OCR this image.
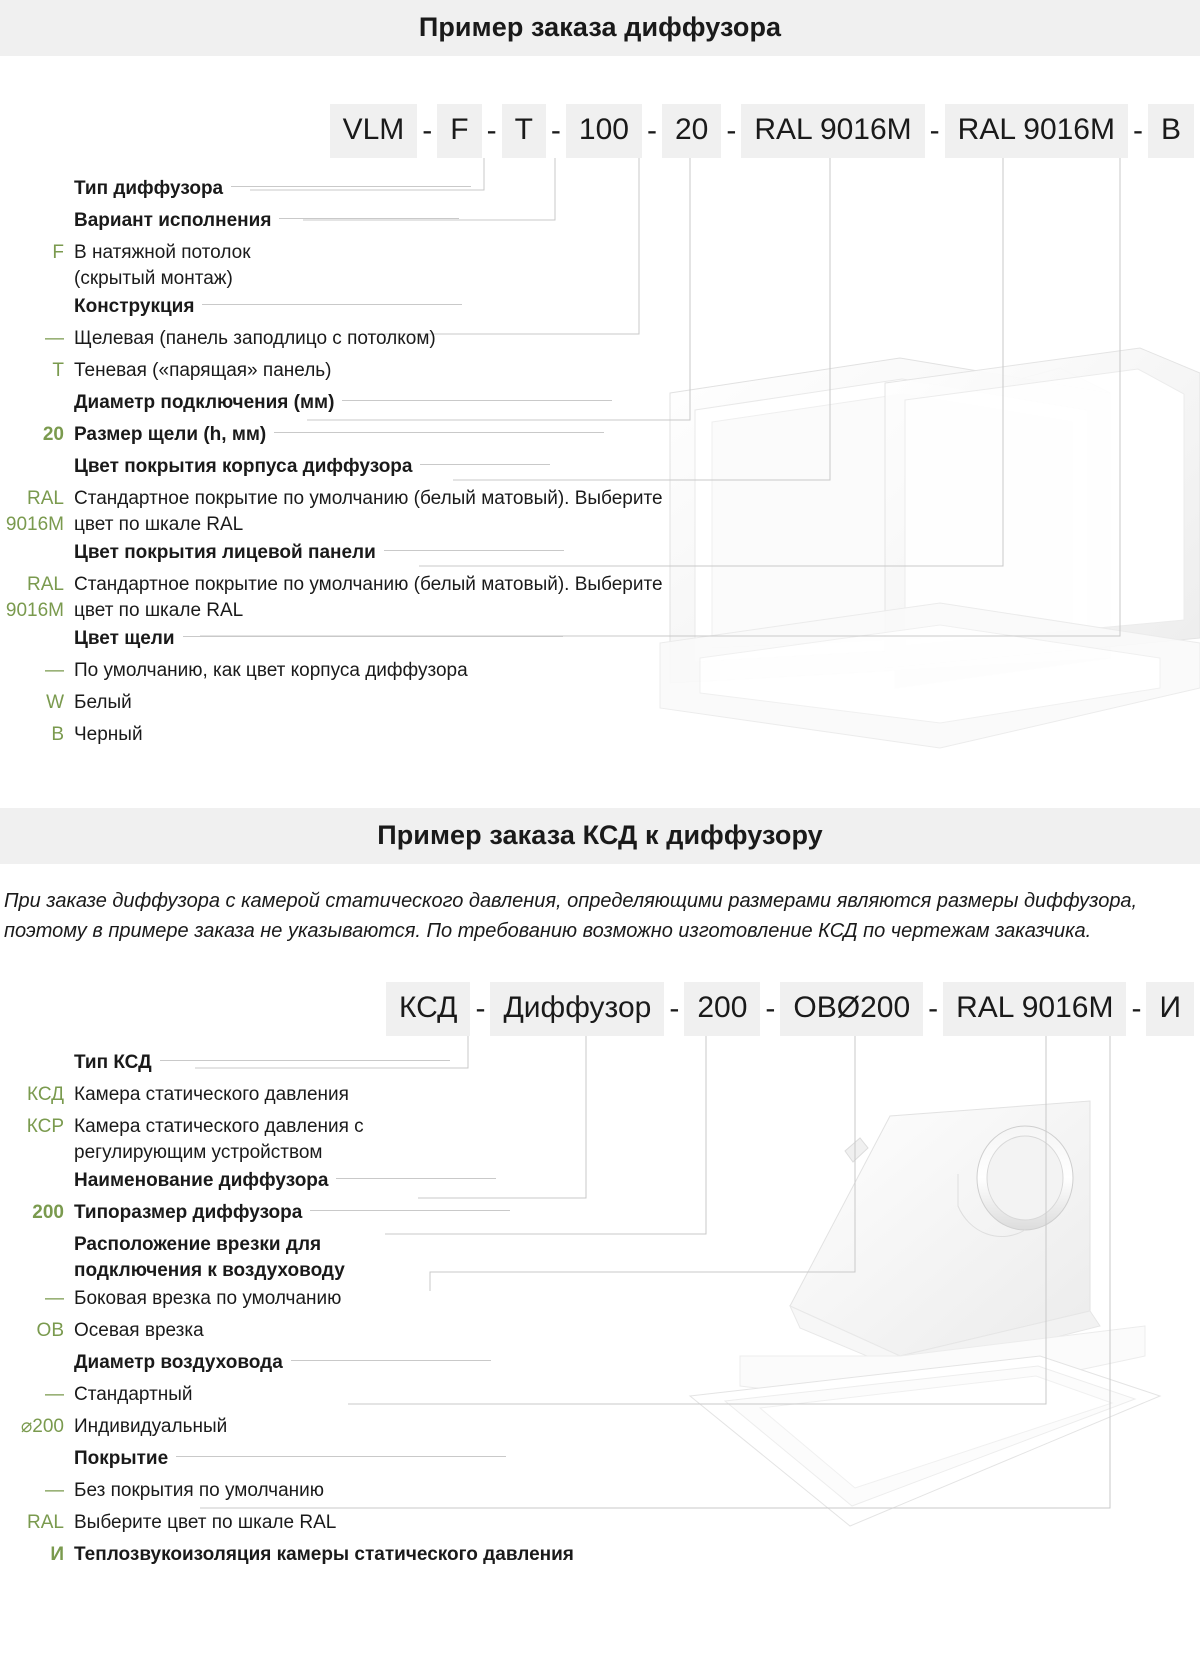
Пример заказа диффузора
VLM - F - T - 100 - 20 - RAL 9016M - RAL 9016M - B
Тип диффузора
Вариант исполнения
F В натяжной потолок
(скрытый монтаж)
Конструкция
— Щелевая (панель заподлицо с потолком)
T Теневая («парящая» панель)
Диаметр подключения (мм)
20 Размер щели (h, мм)
Цвет покрытия корпуса диффузора
RAL
9016M
Стандартное покрытие по умолчанию (белый матовый). Выберите
цвет по шкале RAL
Цвет покрытия лицевой панели
RAL
9016M
Стандартное покрытие по умолчанию (белый матовый). Выберите
цвет по шкале RAL
Цвет щели
— По умолчанию, как цвет корпуса диффузора
W Белый
B Черный
Пример заказа КСД к диффузору
При заказе диффузора с камерой статического давления, определяющими размерами являются размеры диффузора, поэтому в примере заказа не указываются. По требованию возможно изготовление КСД по чертежам заказчика.
КСД - Диффузор - 200 - ОВØ200 - RAL 9016M - И
Тип КСД
КСД Камера статического давления
КСР Камера статического давления с
регулирующим устройством
Наименование диффузора
200 Типоразмер диффузора
Расположение врезки для
подключения к воздуховоду
— Боковая врезка по умолчанию
ОВ Осевая врезка
Диаметр воздуховода
— Стандартный
⌀200 Индивидуальный
Покрытие
— Без покрытия по умолчанию
RAL Выберите цвет по шкале RAL
И Теплозвукоизоляция камеры статического давления
